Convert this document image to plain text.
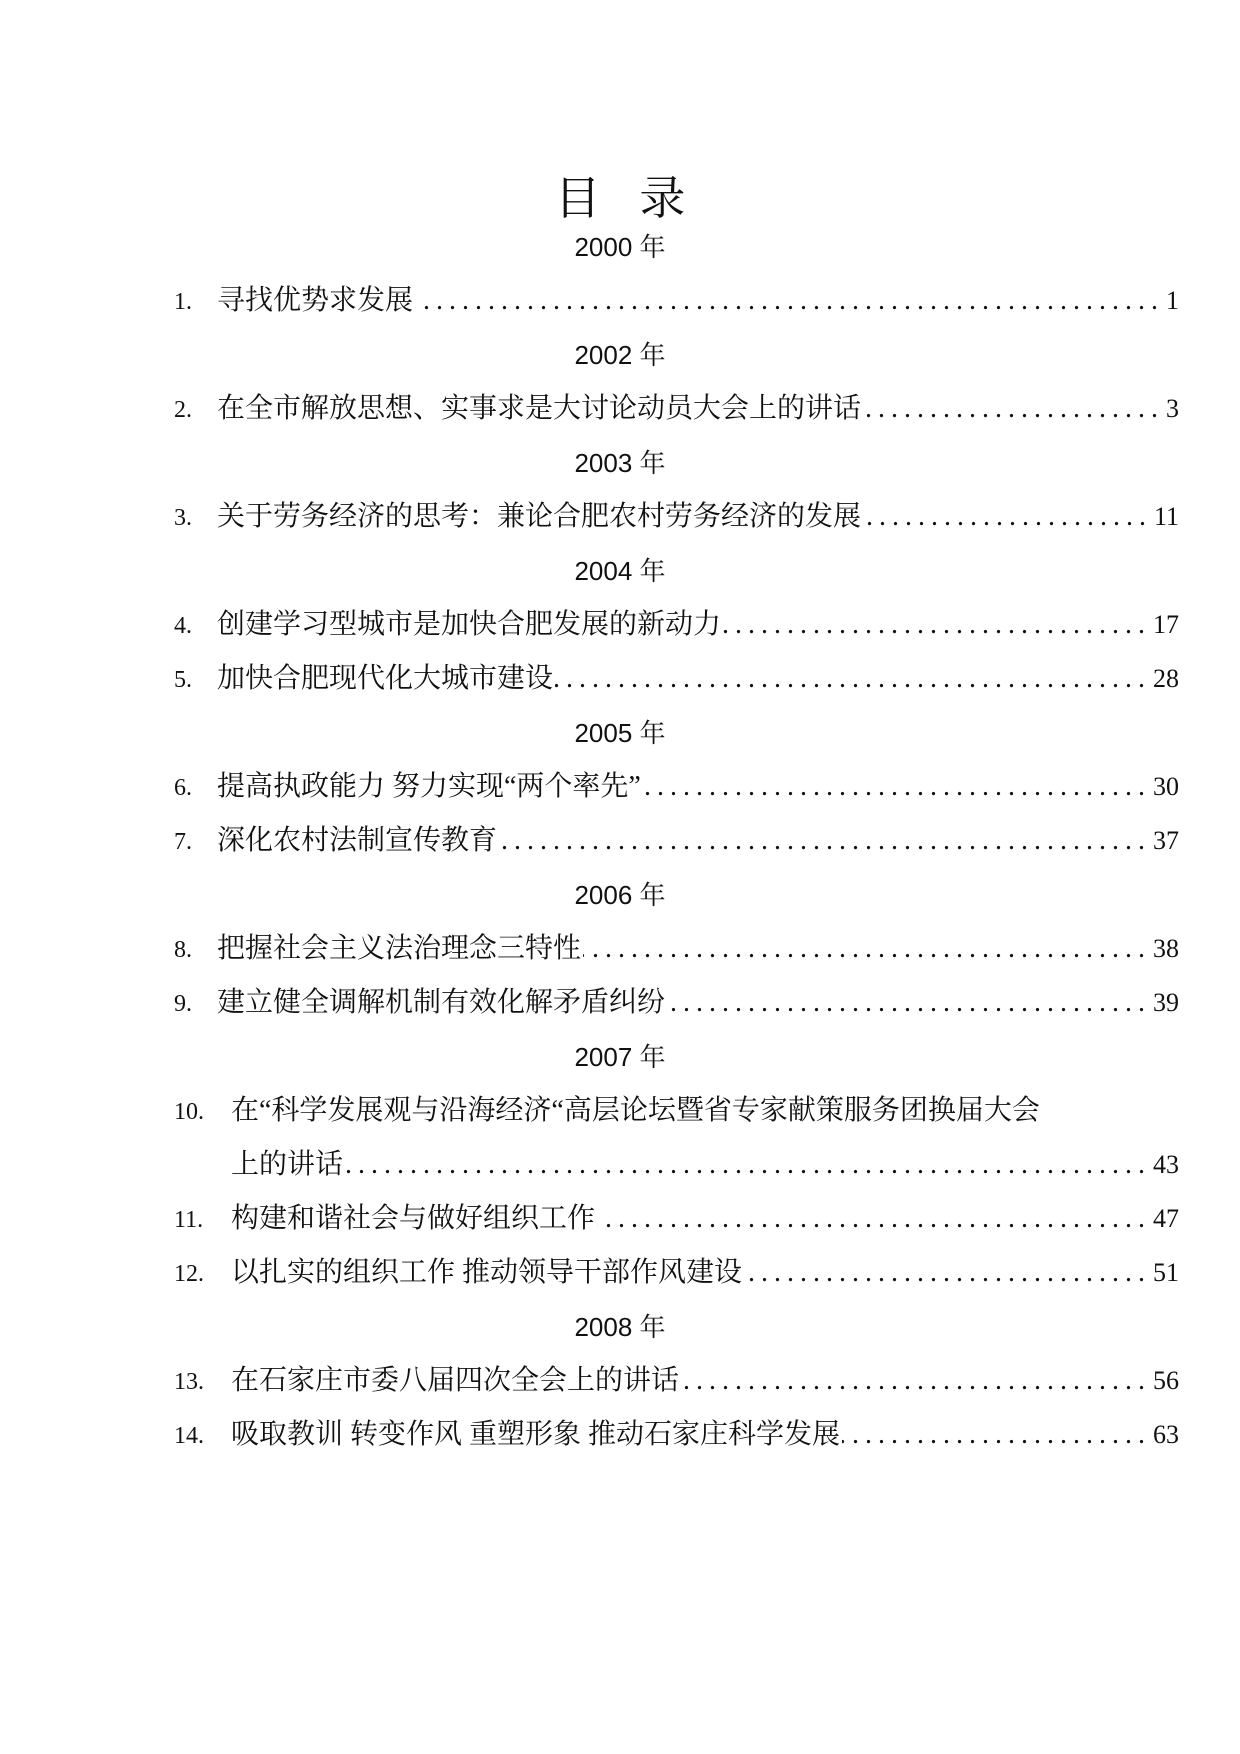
目 录
2000 年
1. 寻找优势求发展 .....	1
2002 年
2. 在全市解放思想、实事求是大讨论动员大会上的讲话 .....	3
2003 年
3. 关于劳务经济的思考：兼论合肥农村劳务经济的发展 .....	11
2004 年
4. 创建学习型城市是加快合肥发展的新动力 .....	17
5. 加快合肥现代化大城市建设 .....	28
2005 年
6. 提高执政能力 努力实现“两个率先” .....	30
7. 深化农村法制宣传教育 .....	37
2006 年
8. 把握社会主义法治理念三特性 .....	38
9. 建立健全调解机制有效化解矛盾纠纷 .....	39
2007 年
10. 在“科学发展观与沿海经济“高层论坛暨省专家献策服务团换届大会
上的讲话 .....	43
11. 构建和谐社会与做好组织工作 .....	47
12. 以扎实的组织工作 推动领导干部作风建设 .....	51
2008 年
13. 在石家庄市委八届四次全会上的讲话 .....	56
14. 吸取教训 转变作风 重塑形象 推动石家庄科学发展 .....	63
